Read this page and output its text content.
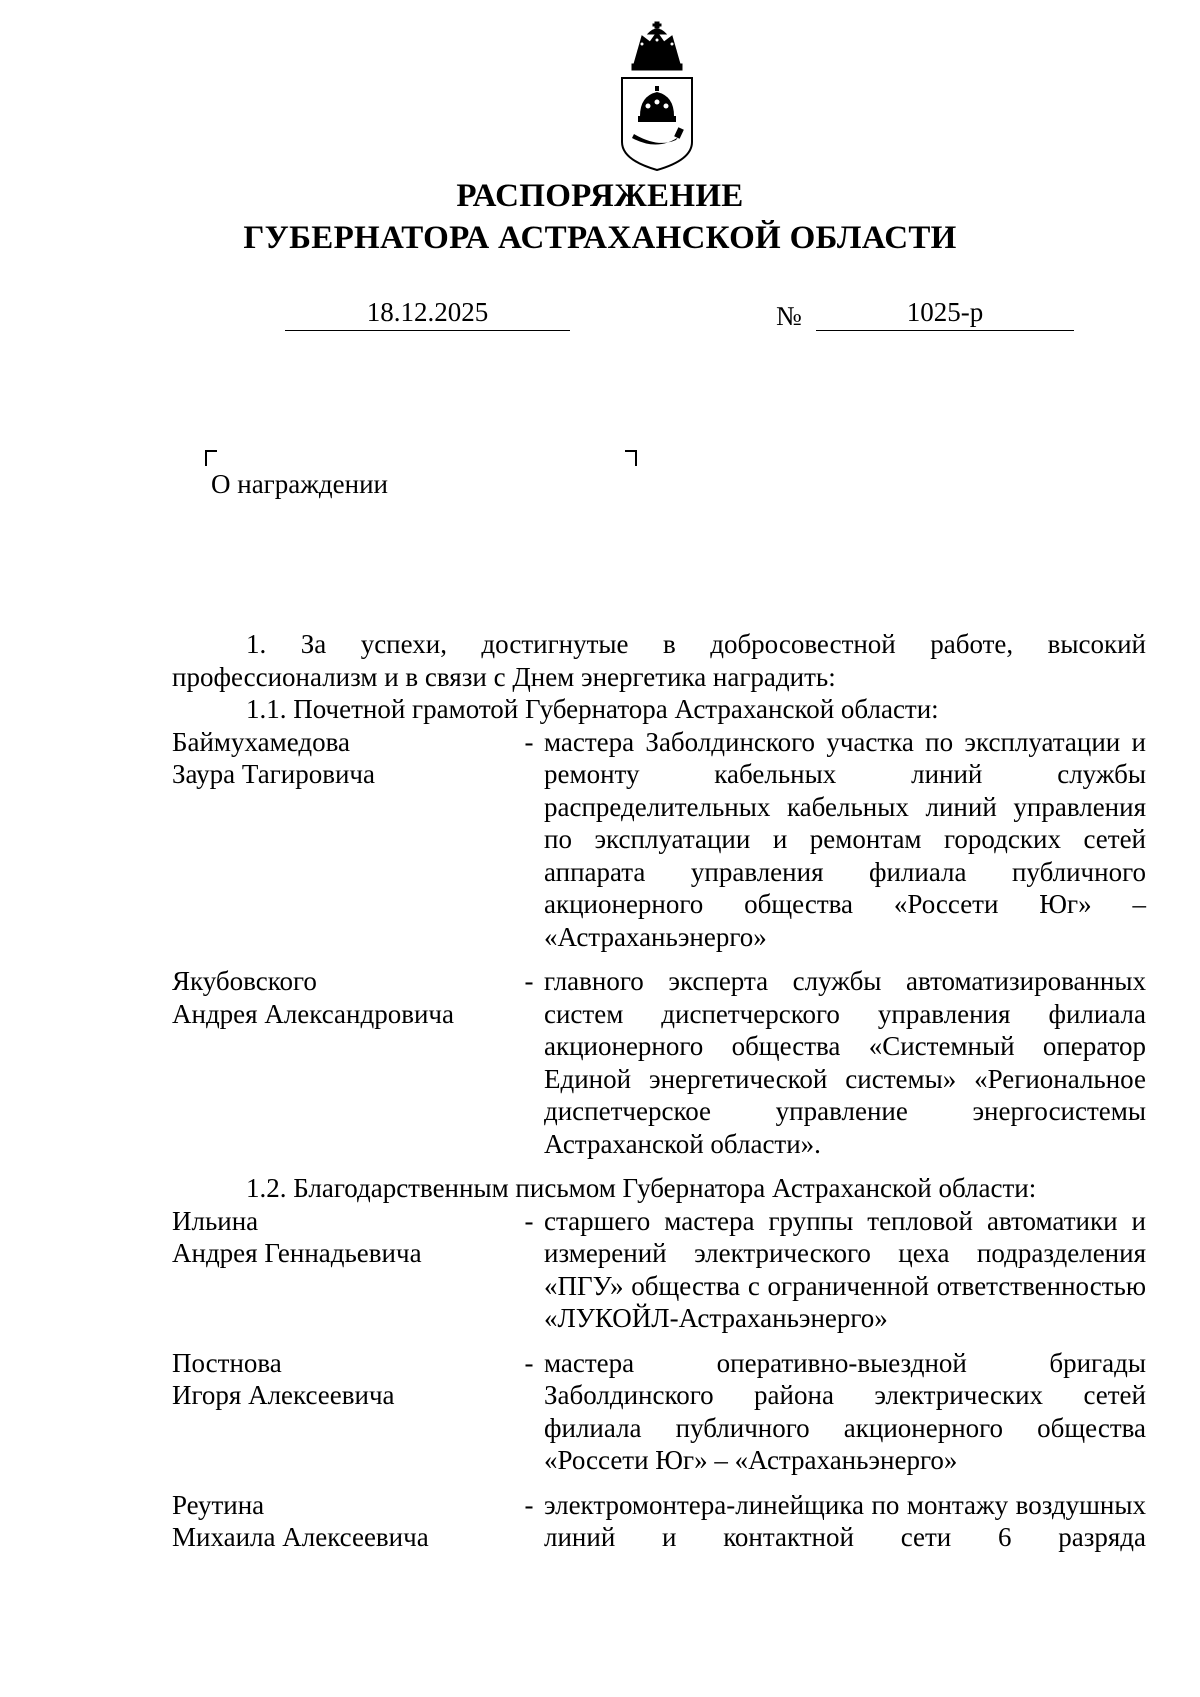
РАСПОРЯЖЕНИЕ
ГУБЕРНАТОРА АСТРАХАНСКОЙ ОБЛАСТИ
18.12.2025	№	1025-р
О награждении
1. За успехи, достигнутые в добросовестной работе, высокий
профессионализм и в связи с Днем энергетика наградить:
1.1. Почетной грамотой Губернатора Астраханской области:
Баймухамедова
Заура Тагировича
- мастера Заболдинского участка по эксплуатации и ремонту кабельных линий службы распределительных кабельных линий управления по эксплуатации и ремонтам городских сетей аппарата управления филиала публичного акционерного общества «Россети Юг» – «Астраханьэнерго»
Якубовского
Андрея Александровича
- главного эксперта службы автоматизированных систем диспетчерского управления филиала акционерного общества «Системный оператор Единой энергетической системы» «Региональное диспетчерское управление энергосистемы Астраханской области».
1.2. Благодарственным письмом Губернатора Астраханской области:
Ильина
Андрея Геннадьевича
- старшего мастера группы тепловой автоматики и измерений электрического цеха подразделения «ПГУ» общества с ограниченной ответственностью «ЛУКОЙЛ-Астраханьэнерго»
Постнова
Игоря Алексеевича
- мастера оперативно-выездной бригады Заболдинского района электрических сетей филиала публичного акционерного общества «Россети Юг» – «Астраханьэнерго»
Реутина
Михаила Алексеевича
- электромонтера-линейщика по монтажу воздушных линий и контактной сети 6 разряда
